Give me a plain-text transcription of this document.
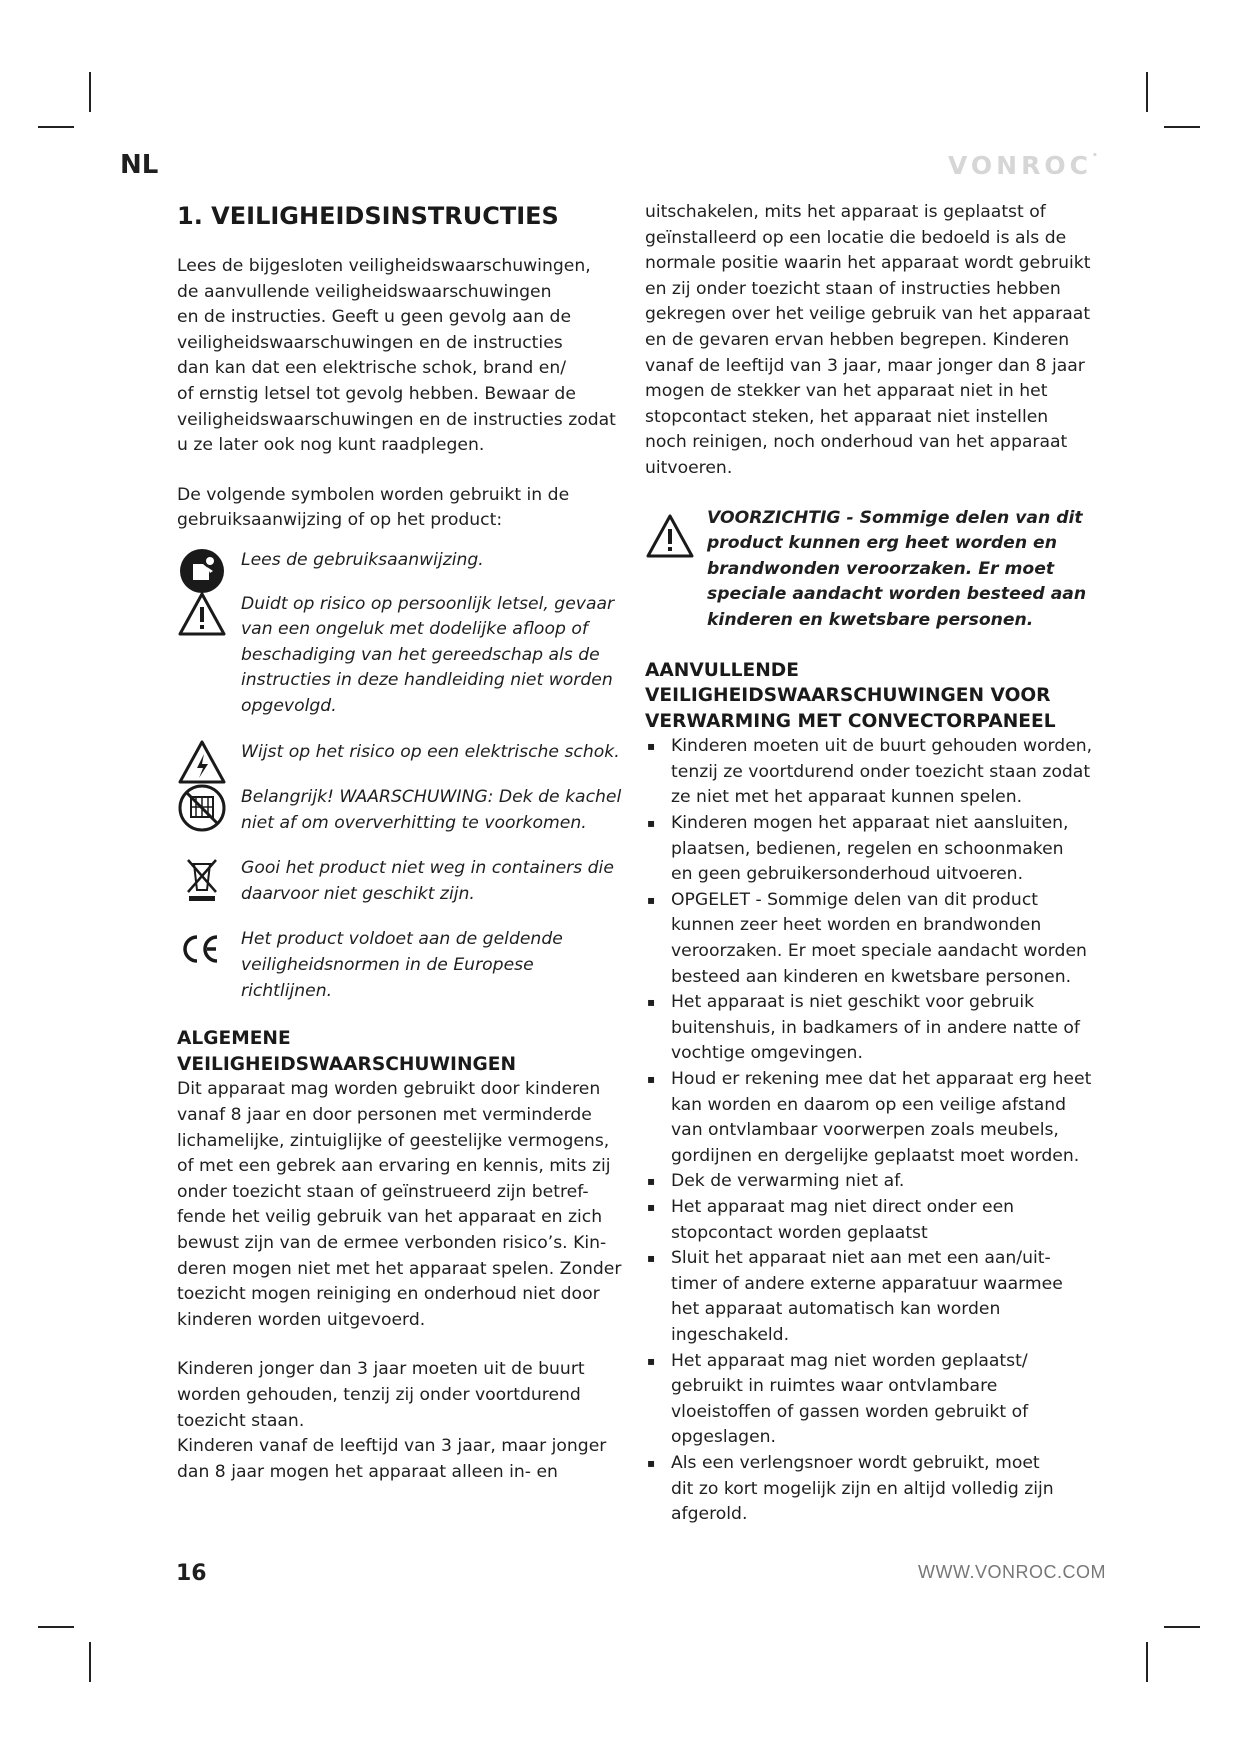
NL	VONROC•
1. VEILIGHEIDSINSTRUCTIES

Lees de bijgesloten veiligheidswaarschuwingen,
de aanvullende veiligheidswaarschuwingen
en de instructies. Geeft u geen gevolg aan de
veiligheidswaarschuwingen en de instructies
dan kan dat een elektrische schok, brand en/
of ernstig letsel tot gevolg hebben. Bewaar de
veiligheidswaarschuwingen en de instructies zodat
u ze later ook nog kunt raadplegen.

De volgende symbolen worden gebruikt in de
gebruiksaanwijzing of op het product:

Lees de gebruiksaanwijzing.
Duidt op risico op persoonlijk letsel, gevaar
van een ongeluk met dodelijke afloop of
beschadiging van het gereedschap als de
instructies in deze handleiding niet worden
opgevolgd.
Wijst op het risico op een elektrische schok.
Belangrijk! WAARSCHUWING: Dek de kachel
niet af om oververhitting te voorkomen.
Gooi het product niet weg in containers die
daarvoor niet geschikt zijn.
Het product voldoet aan de geldende
veiligheidsnormen in de Europese
richtlijnen.
ALGEMENE VEILIGHEIDSWAARSCHUWINGEN

Dit apparaat mag worden gebruikt door kinderen
vanaf 8 jaar en door personen met verminderde
lichamelijke, zintuiglijke of geestelijke vermogens,
of met een gebrek aan ervaring en kennis, mits zij
onder toezicht staan of geïnstrueerd zijn betref-
fende het veilig gebruik van het apparaat en zich
bewust zijn van de ermee verbonden risico’s. Kin-
deren mogen niet met het apparaat spelen. Zonder
toezicht mogen reiniging en onderhoud niet door
kinderen worden uitgevoerd.

Kinderen jonger dan 3 jaar moeten uit de buurt
worden gehouden, tenzij zij onder voortdurend
toezicht staan.

Kinderen vanaf de leeftijd van 3 jaar, maar jonger
dan 8 jaar mogen het apparaat alleen in- en

uitschakelen, mits het apparaat is geplaatst of
geïnstalleerd op een locatie die bedoeld is als de
normale positie waarin het apparaat wordt gebruikt
en zij onder toezicht staan of instructies hebben
gekregen over het veilige gebruik van het apparaat
en de gevaren ervan hebben begrepen. Kinderen
vanaf de leeftijd van 3 jaar, maar jonger dan 8 jaar
mogen de stekker van het apparaat niet in het
stopcontact steken, het apparaat niet instellen
noch reinigen, noch onderhoud van het apparaat
uitvoeren.

VOORZICHTIG - Sommige delen van dit
product kunnen erg heet worden en
brandwonden veroorzaken. Er moet
speciale aandacht worden besteed aan
kinderen en kwetsbare personen.
AANVULLENDE
VEILIGHEIDSWAARSCHUWINGEN VOOR
VERWARMING MET CONVECTORPANEEL
▪ Kinderen moeten uit de buurt gehouden worden,
tenzij ze voortdurend onder toezicht staan zodat
ze niet met het apparaat kunnen spelen.
▪ Kinderen mogen het apparaat niet aansluiten,
plaatsen, bedienen, regelen en schoonmaken
en geen gebruikersonderhoud uitvoeren.
▪ OPGELET - Sommige delen van dit product
kunnen zeer heet worden en brandwonden
veroorzaken. Er moet speciale aandacht worden
besteed aan kinderen en kwetsbare personen.
▪ Het apparaat is niet geschikt voor gebruik
buitenshuis, in badkamers of in andere natte of
vochtige omgevingen.
▪ Houd er rekening mee dat het apparaat erg heet
kan worden en daarom op een veilige afstand
van ontvlambaar voorwerpen zoals meubels,
gordijnen en dergelijke geplaatst moet worden.
▪ Dek de verwarming niet af.
▪ Het apparaat mag niet direct onder een
stopcontact worden geplaatst
▪ Sluit het apparaat niet aan met een aan/uit-
timer of andere externe apparatuur waarmee
het apparaat automatisch kan worden
ingeschakeld.
▪ Het apparaat mag niet worden geplaatst/
gebruikt in ruimtes waar ontvlambare
vloeistoffen of gassen worden gebruikt of
opgeslagen.
▪ Als een verlengsnoer wordt gebruikt, moet
dit zo kort mogelijk zijn en altijd volledig zijn
afgerold.
16	WWW.VONROC.COM
